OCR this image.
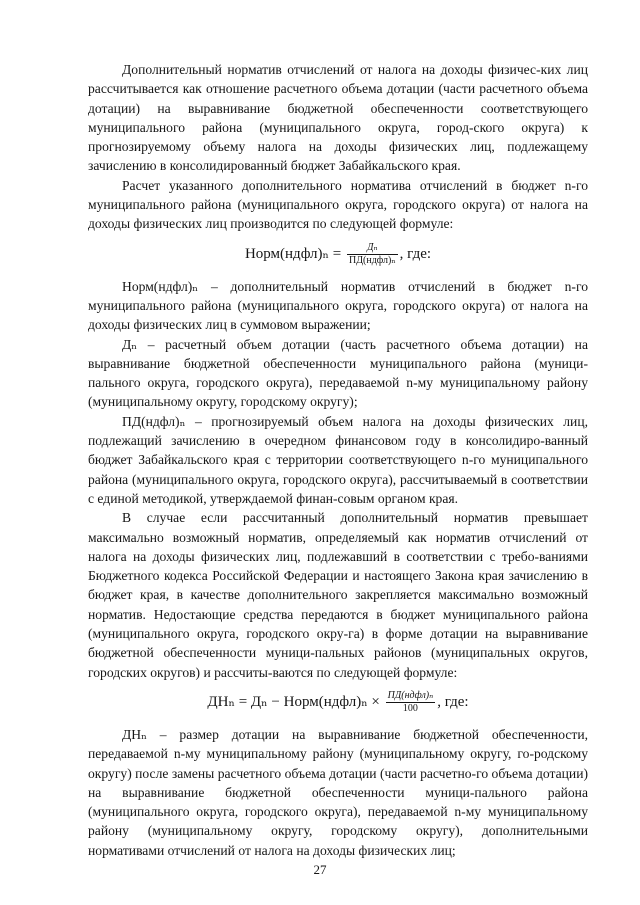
Дополнительный норматив отчислений от налога на доходы физичес-ких лиц рассчитывается как отношение расчетного объема дотации (части расчетного объема дотации) на выравнивание бюджетной обеспеченности соответствующего муниципального района (муниципального округа, город-ского округа) к прогнозируемому объему налога на доходы физических лиц, подлежащему зачислению в консолидированный бюджет Забайкальского края.

Расчет указанного дополнительного норматива отчислений в бюджет n-го муниципального района (муниципального округа, городского округа) от налога на доходы физических лиц производится по следующей формуле:

Норм(ндфл)ₙ = $\frac{\text{Дₙ}}{\text{ПД(ндфл)ₙ}}$ , где:

Норм(ндфл)ₙ – дополнительный норматив отчислений в бюджет n-го муниципального района (муниципального округа, городского округа) от налога на доходы физических лиц в суммовом выражении;

Дₙ – расчетный объем дотации (часть расчетного объема дотации) на выравнивание бюджетной обеспеченности муниципального района (муници-пального округа, городского округа), передаваемой n-му муниципальному району (муниципальному округу, городскому округу);

ПД(ндфл)ₙ – прогнозируемый объем налога на доходы физических лиц, подлежащий зачислению в очередном финансовом году в консолидиро-ванный бюджет Забайкальского края с территории соответствующего n-го муниципального района (муниципального округа, городского округа), рассчитываемый в соответствии с единой методикой, утверждаемой финан-совым органом края.

В случае если рассчитанный дополнительный норматив превышает максимально возможный норматив, определяемый как норматив отчислений от налога на доходы физических лиц, подлежавший в соответствии с требо-ваниями Бюджетного кодекса Российской Федерации и настоящего Закона края зачислению в бюджет края, в качестве дополнительного закрепляется максимально возможный норматив. Недостающие средства передаются в бюджет муниципального района (муниципального округа, городского окру-га) в форме дотации на выравнивание бюджетной обеспеченности муници-пальных районов (муниципальных округов, городских округов) и рассчиты-ваются по следующей формуле:

ДНₙ = Дₙ − Норм(ндфл)ₙ × $\frac{\text{ПД(ндфл)ₙ}}{100}$ , где:

ДНₙ – размер дотации на выравнивание бюджетной обеспеченности, передаваемой n-му муниципальному району (муниципальному округу, го-родскому округу) после замены расчетного объема дотации (части расчетно-го объема дотации) на выравнивание бюджетной обеспеченности муници-пального района (муниципального округа, городского округа), передаваемой n-му муниципальному району (муниципальному округу, городскому округу), дополнительными нормативами отчислений от налога на доходы физических лиц;

27
